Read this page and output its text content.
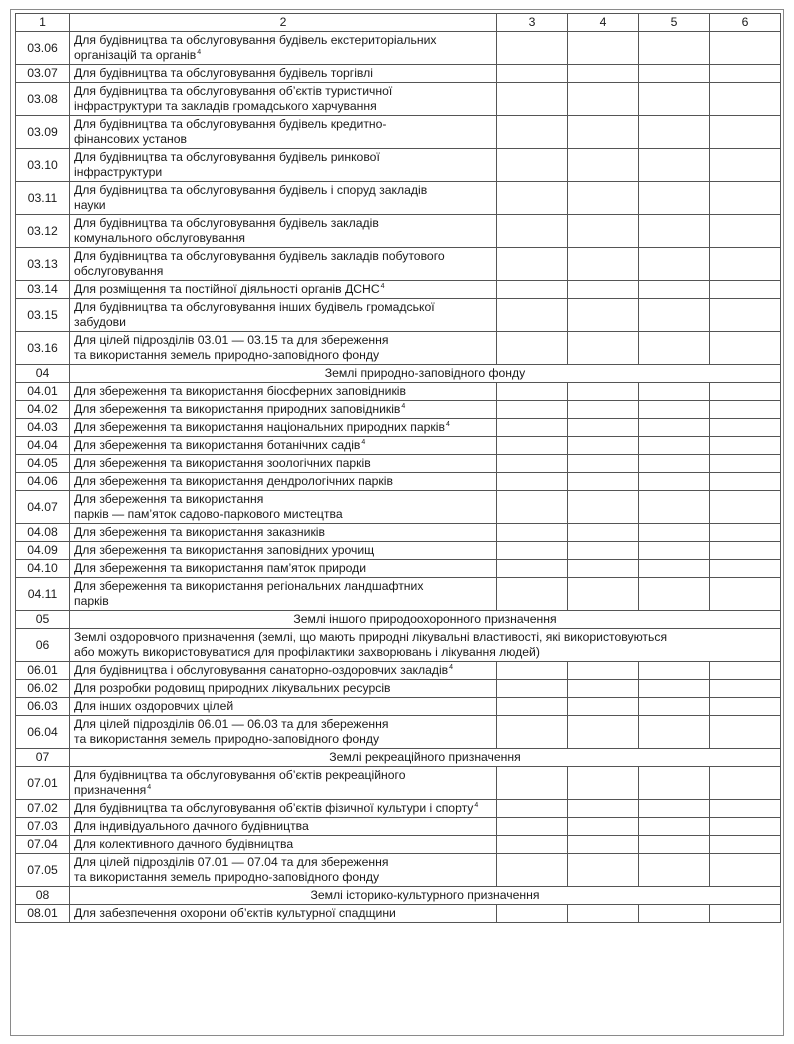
1	2	3	4	5	6
03.06	Для будівництва та обслуговування будівель екстериторіальних
організацій та органів$^4$				
03.07	Для будівництва та обслуговування будівель торгівлі				
03.08	Для будівництва та обслуговування об’єктів туристичної
інфраструктури та закладів громадського харчування				
03.09	Для будівництва та обслуговування будівель кредитно-
фінансових установ				
03.10	Для будівництва та обслуговування будівель ринкової
інфраструктури				
03.11	Для будівництва та обслуговування будівель і споруд закладів
науки				
03.12	Для будівництва та обслуговування будівель закладів
комунального обслуговування				
03.13	Для будівництва та обслуговування будівель закладів побутового
обслуговування				
03.14	Для розміщення та постійної діяльності органів ДСНС$^4$				
03.15	Для будівництва та обслуговування інших будівель громадської
забудови				
03.16	Для цілей підрозділів 03.01 — 03.15 та для збереження
та використання земель природно-заповідного фонду				
04	Землі природно-заповідного фонду				
04.01	Для збереження та використання біосферних заповідників				
04.02	Для збереження та використання природних заповідників$^4$				
04.03	Для збереження та використання національних природних парків$^4$				
04.04	Для збереження та використання ботанічних садів$^4$				
04.05	Для збереження та використання зоологічних парків				
04.06	Для збереження та використання дендрологічних парків				
04.07	Для збереження та використання
парків — пам’яток садово-паркового мистецтва				
04.08	Для збереження та використання заказників				
04.09	Для збереження та використання заповідних урочищ				
04.10	Для збереження та використання пам’яток природи				
04.11	Для збереження та використання регіональних ландшафтних
парків				
05	Землі іншого природоохоронного призначення				
06	Землі оздоровчого призначення (землі, що мають природні лікувальні властивості, які використовуються
або можуть використовуватися для профілактики захворювань і лікування людей)				
06.01	Для будівництва і обслуговування санаторно-оздоровчих закладів$^4$				
06.02	Для розробки родовищ природних лікувальних ресурсів				
06.03	Для інших оздоровчих цілей				
06.04	Для цілей підрозділів 06.01 — 06.03 та для збереження
та використання земель природно-заповідного фонду				
07	Землі рекреаційного призначення				
07.01	Для будівництва та обслуговування об’єктів рекреаційного
призначення$^4$				
07.02	Для будівництва та обслуговування об’єктів фізичної культури і спорту$^4$				
07.03	Для індивідуального дачного будівництва				
07.04	Для колективного дачного будівництва				
07.05	Для цілей підрозділів 07.01 — 07.04 та для збереження
та використання земель природно-заповідного фонду				
08	Землі історико-культурного призначення				
08.01	Для забезпечення охорони об’єктів культурної спадщини				
